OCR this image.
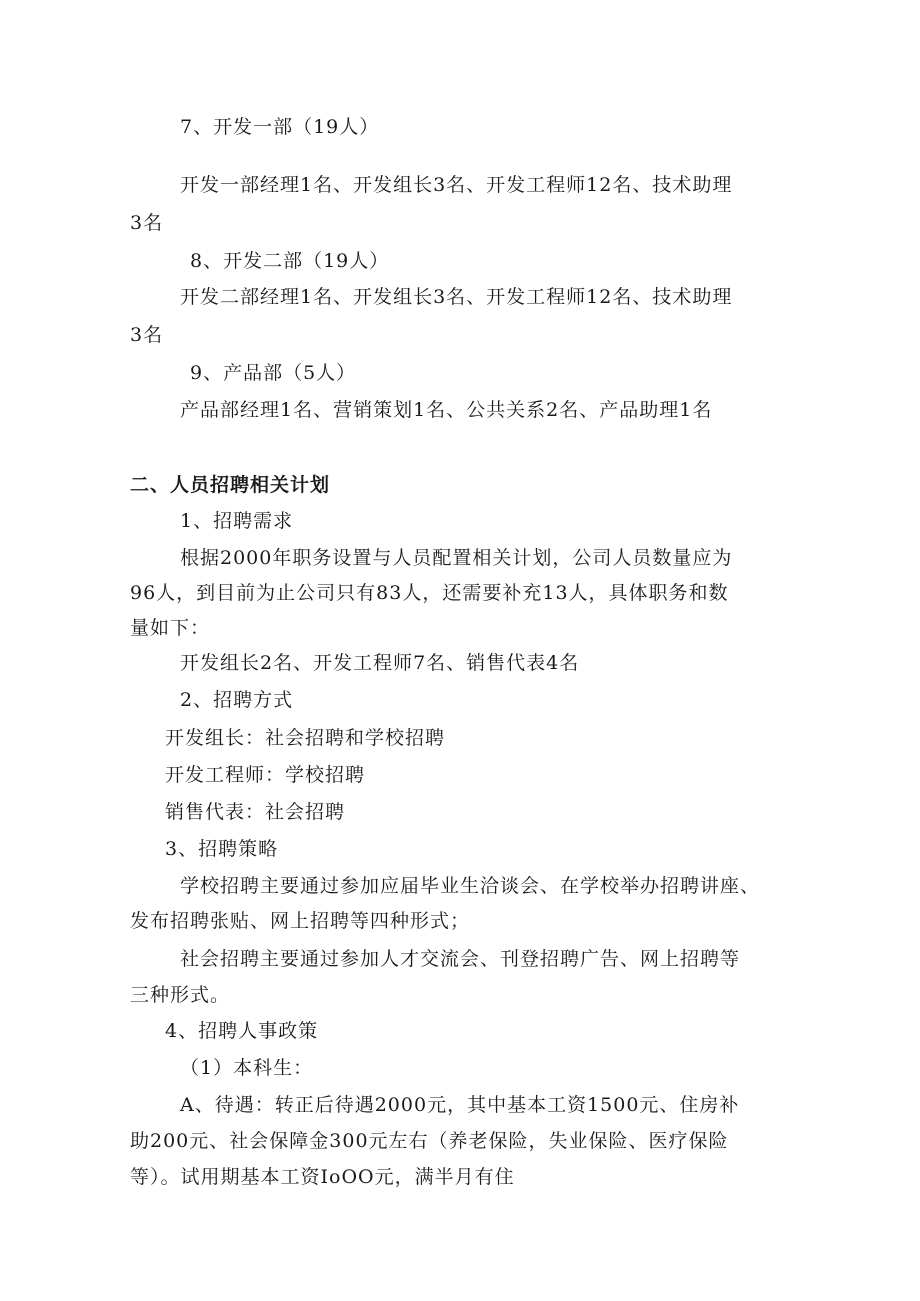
7、开发一部（19人）
开发一部经理1名、开发组长3名、开发工程师12名、技术助理
3名
8、开发二部（19人）
开发二部经理1名、开发组长3名、开发工程师12名、技术助理
3名
9、产品部（5人）
产品部经理1名、营销策划1名、公共关系2名、产品助理1名
二、人员招聘相关计划
1、招聘需求
根据2000年职务设置与人员配置相关计划，公司人员数量应为
96人，到目前为止公司只有83人，还需要补充13人，具体职务和数
量如下：
开发组长2名、开发工程师7名、销售代表4名
2、招聘方式
开发组长：社会招聘和学校招聘
开发工程师：学校招聘
销售代表：社会招聘
3、招聘策略
学校招聘主要通过参加应届毕业生洽谈会、在学校举办招聘讲座、
发布招聘张贴、网上招聘等四种形式；
社会招聘主要通过参加人才交流会、刊登招聘广告、网上招聘等
三种形式。
4、招聘人事政策
（1）本科生：
A、待遇：转正后待遇2000元，其中基本工资1500元、住房补
助200元、社会保障金300元左右（养老保险，失业保险、医疗保险
等）。试用期基本工资IoOO元，满半月有住
